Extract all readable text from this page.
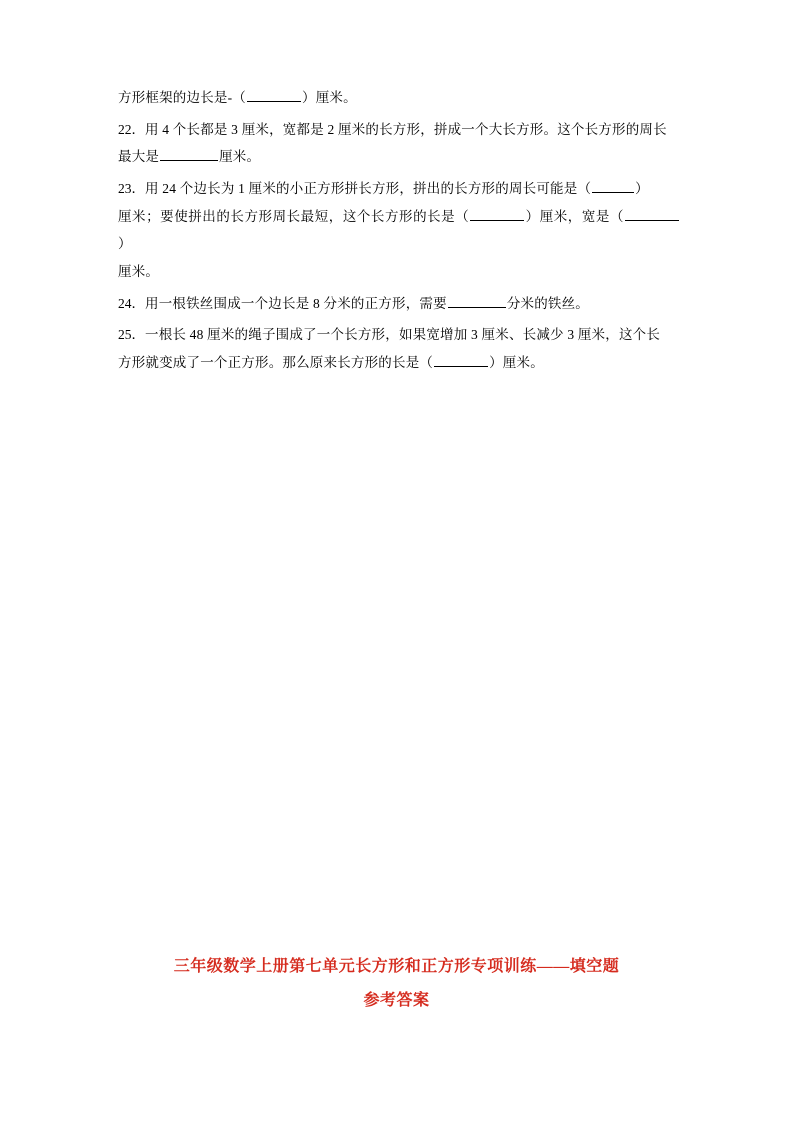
方形框架的边长是-（	）厘米。

22．用 4 个长都是 3 厘米，宽都是 2 厘米的长方形，拼成一个大长方形。这个长方形的周长
最大是	厘米。

23．用 24 个边长为 1 厘米的小正方形拼长方形，拼出的长方形的周长可能是（	）
厘米；要使拼出的长方形周长最短，这个长方形的长是（	）厘米，宽是（）
厘米。

24．用一根铁丝围成一个边长是 8 分米的正方形，需要	分米的铁丝。

25．一根长 48 厘米的绳子围成了一个长方形，如果宽增加 3 厘米、长减少 3 厘米，这个长
方形就变成了一个正方形。那么原来长方形的长是（	）厘米。

三年级数学上册第七单元长方形和正方形专项训练——填空题
参考答案
